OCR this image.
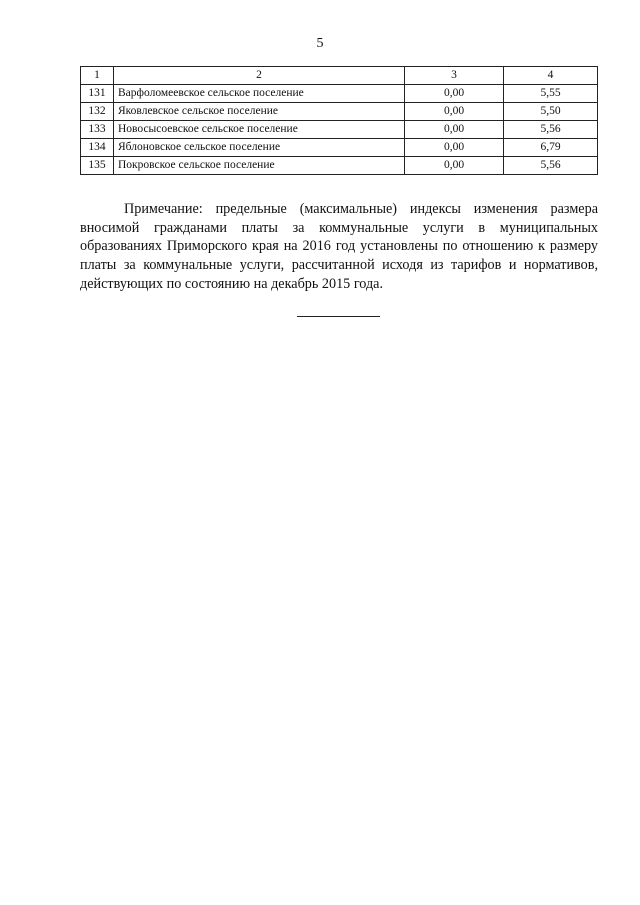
5
1	2	3	4
131	Варфоломеевское сельское поселение	0,00	5,55
132	Яковлевское сельское поселение	0,00	5,50
133	Новосысоевское сельское поселение	0,00	5,56
134	Яблоновское сельское поселение	0,00	6,79
135	Покровское сельское поселение	0,00	5,56

Примечание: предельные (максимальные) индексы изменения размера вносимой гражданами платы за коммунальные услуги в муниципальных образованиях Приморского края на 2016 год установлены по отношению к размеру платы за коммунальные услуги, рассчитанной исходя из тарифов и нормативов, действующих по состоянию на декабрь 2015 года.
